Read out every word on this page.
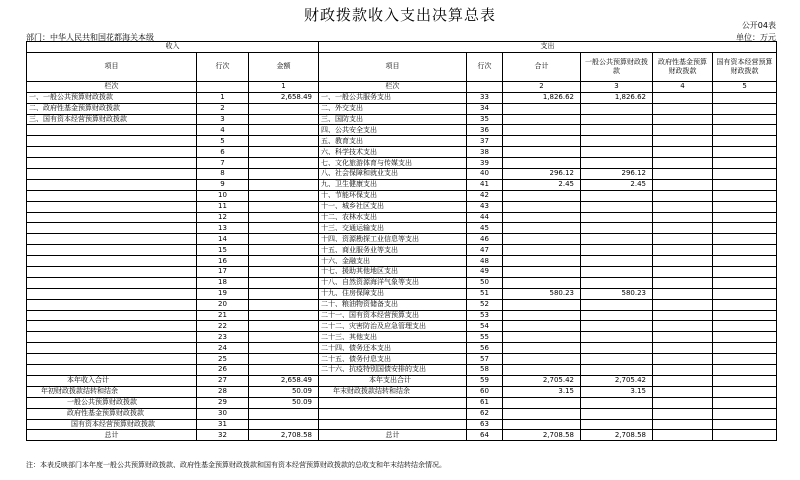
财政拨款收入支出决算总表
公开04表
部门：中华人民共和国花都海关本级	单位：万元
收入			支出					
项目	行次	金额	项目	行次	合计	一般公共预算财政拨款	政府性基金预算财政拨款	国有资本经营预算财政拨款
栏次		1	栏次		2	3	4	5
一、一般公共预算财政拨款	1	2,658.49	一、一般公共服务支出	33	1,826.62	1,826.62		
二、政府性基金预算财政拨款	2		二、外交支出	34				
三、国有资本经营预算财政拨款	3		三、国防支出	35				
	4		四、公共安全支出	36				
	5		五、教育支出	37				
	6		六、科学技术支出	38				
	7		七、文化旅游体育与传媒支出	39				
	8		八、社会保障和就业支出	40	296.12	296.12		
	9		九、卫生健康支出	41	2.45	2.45		
	10		十、节能环保支出	42				
	11		十一、城乡社区支出	43				
	12		十二、农林水支出	44				
	13		十三、交通运输支出	45				
	14		十四、资源勘探工业信息等支出	46				
	15		十五、商业服务业等支出	47				
	16		十六、金融支出	48				
	17		十七、援助其他地区支出	49				
	18		十八、自然资源海洋气象等支出	50				
	19		十九、住房保障支出	51	580.23	580.23		
	20		二十、粮油物资储备支出	52				
	21		二十一、国有资本经营预算支出	53				
	22		二十二、灾害防治及应急管理支出	54				
	23		二十三、其他支出	55				
	24		二十四、债务还本支出	56				
	25		二十五、债务付息支出	57				
	26		二十六、抗疫特别国债安排的支出	58				
本年收入合计	27	2,658.49	本年支出合计	59	2,705.42	2,705.42		
年初财政拨款结转和结余	28	50.09	年末财政拨款结转和结余	60	3.15	3.15		
一般公共预算财政拨款	29	50.09		61				
政府性基金预算财政拨款	30			62				
国有资本经营预算财政拨款	31			63				
总计	32	2,708.58	总计	64	2,708.58	2,708.58		
注：本表反映部门本年度一般公共预算财政拨款、政府性基金预算财政拨款和国有资本经营预算财政拨款的总收支和年末结转结余情况。
